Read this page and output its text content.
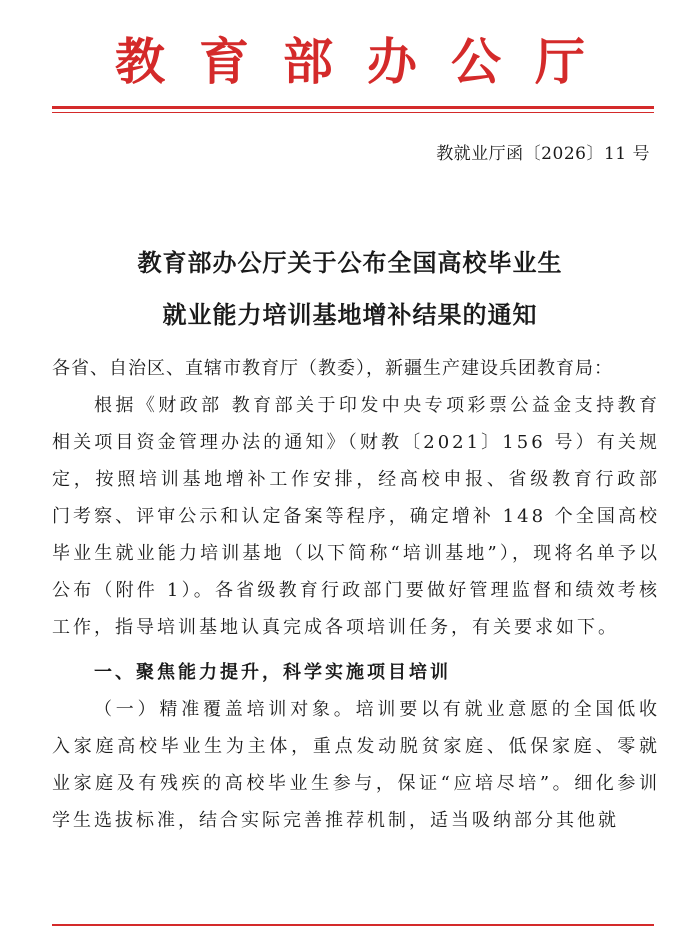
教育部办公厅
教就业厅函〔2026〕11 号
教育部办公厅关于公布全国高校毕业生
就业能力培训基地增补结果的通知

各省、自治区、直辖市教育厅（教委），新疆生产建设兵团教育局：

根据《财政部 教育部关于印发中央专项彩票公益金支持教育相关项目资金管理办法的通知》（财教〔2021〕156 号）有关规定，按照培训基地增补工作安排，经高校申报、省级教育行政部门考察、评审公示和认定备案等程序，确定增补 148 个全国高校毕业生就业能力培训基地（以下简称“培训基地”），现将名单予以公布（附件 1）。各省级教育行政部门要做好管理监督和绩效考核工作，指导培训基地认真完成各项培训任务，有关要求如下。

一、聚焦能力提升，科学实施项目培训

（一）精准覆盖培训对象。培训要以有就业意愿的全国低收入家庭高校毕业生为主体，重点发动脱贫家庭、低保家庭、零就业家庭及有残疾的高校毕业生参与，保证“应培尽培”。细化参训学生选拔标准，结合实际完善推荐机制，适当吸纳部分其他就
